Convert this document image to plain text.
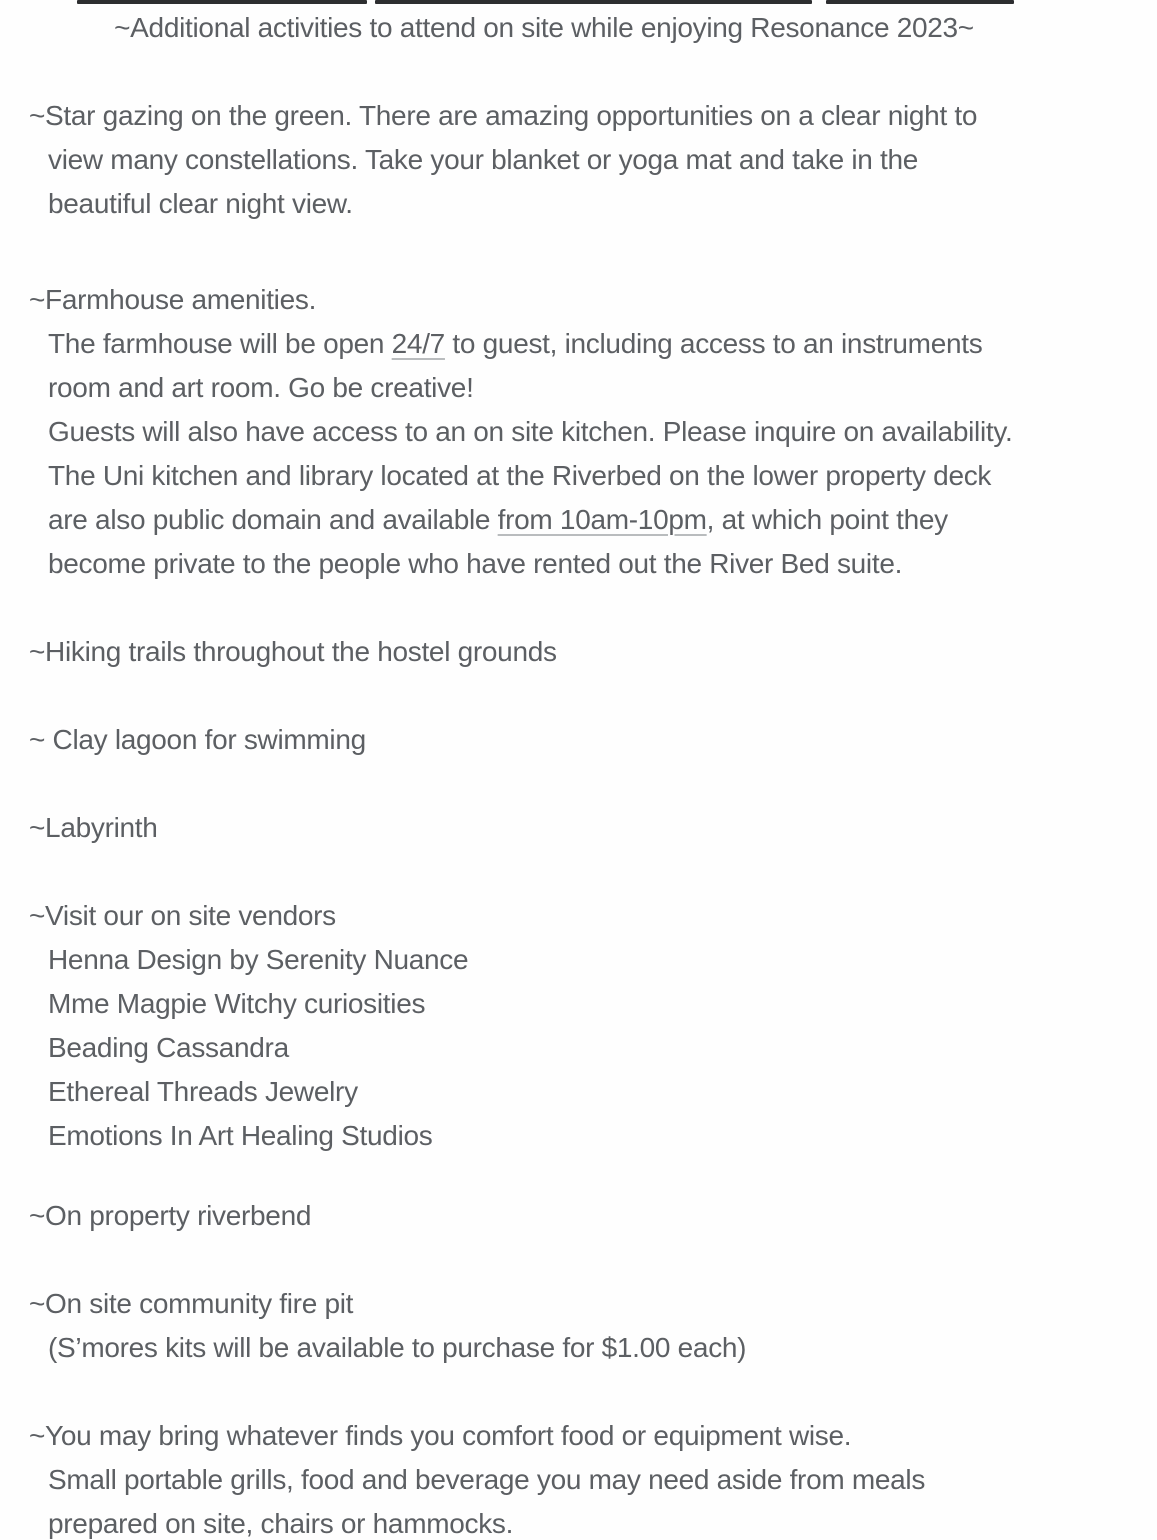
~Additional activities to attend on site while enjoying Resonance 2023~
~Star gazing on the green. There are amazing opportunities on a clear night to
view many constellations. Take your blanket or yoga mat and take in the
beautiful clear night view.
~Farmhouse amenities.
The farmhouse will be open 24/7 to guest, including access to an instruments
room and art room. Go be creative!
Guests will also have access to an on site kitchen. Please inquire on availability.
The Uni kitchen and library located at the Riverbed on the lower property deck
are also public domain and available from 10am-10pm, at which point they
become private to the people who have rented out the River Bed suite.
~Hiking trails throughout the hostel grounds
~ Clay lagoon for swimming
~Labyrinth
~Visit our on site vendors
Henna Design by Serenity Nuance
Mme Magpie Witchy curiosities
Beading Cassandra
Ethereal Threads Jewelry
Emotions In Art Healing Studios
~On property riverbend
~On site community fire pit
(S’mores kits will be available to purchase for $1.00 each)
~You may bring whatever finds you comfort food or equipment wise.
Small portable grills, food and beverage you may need aside from meals
prepared on site, chairs or hammocks.
